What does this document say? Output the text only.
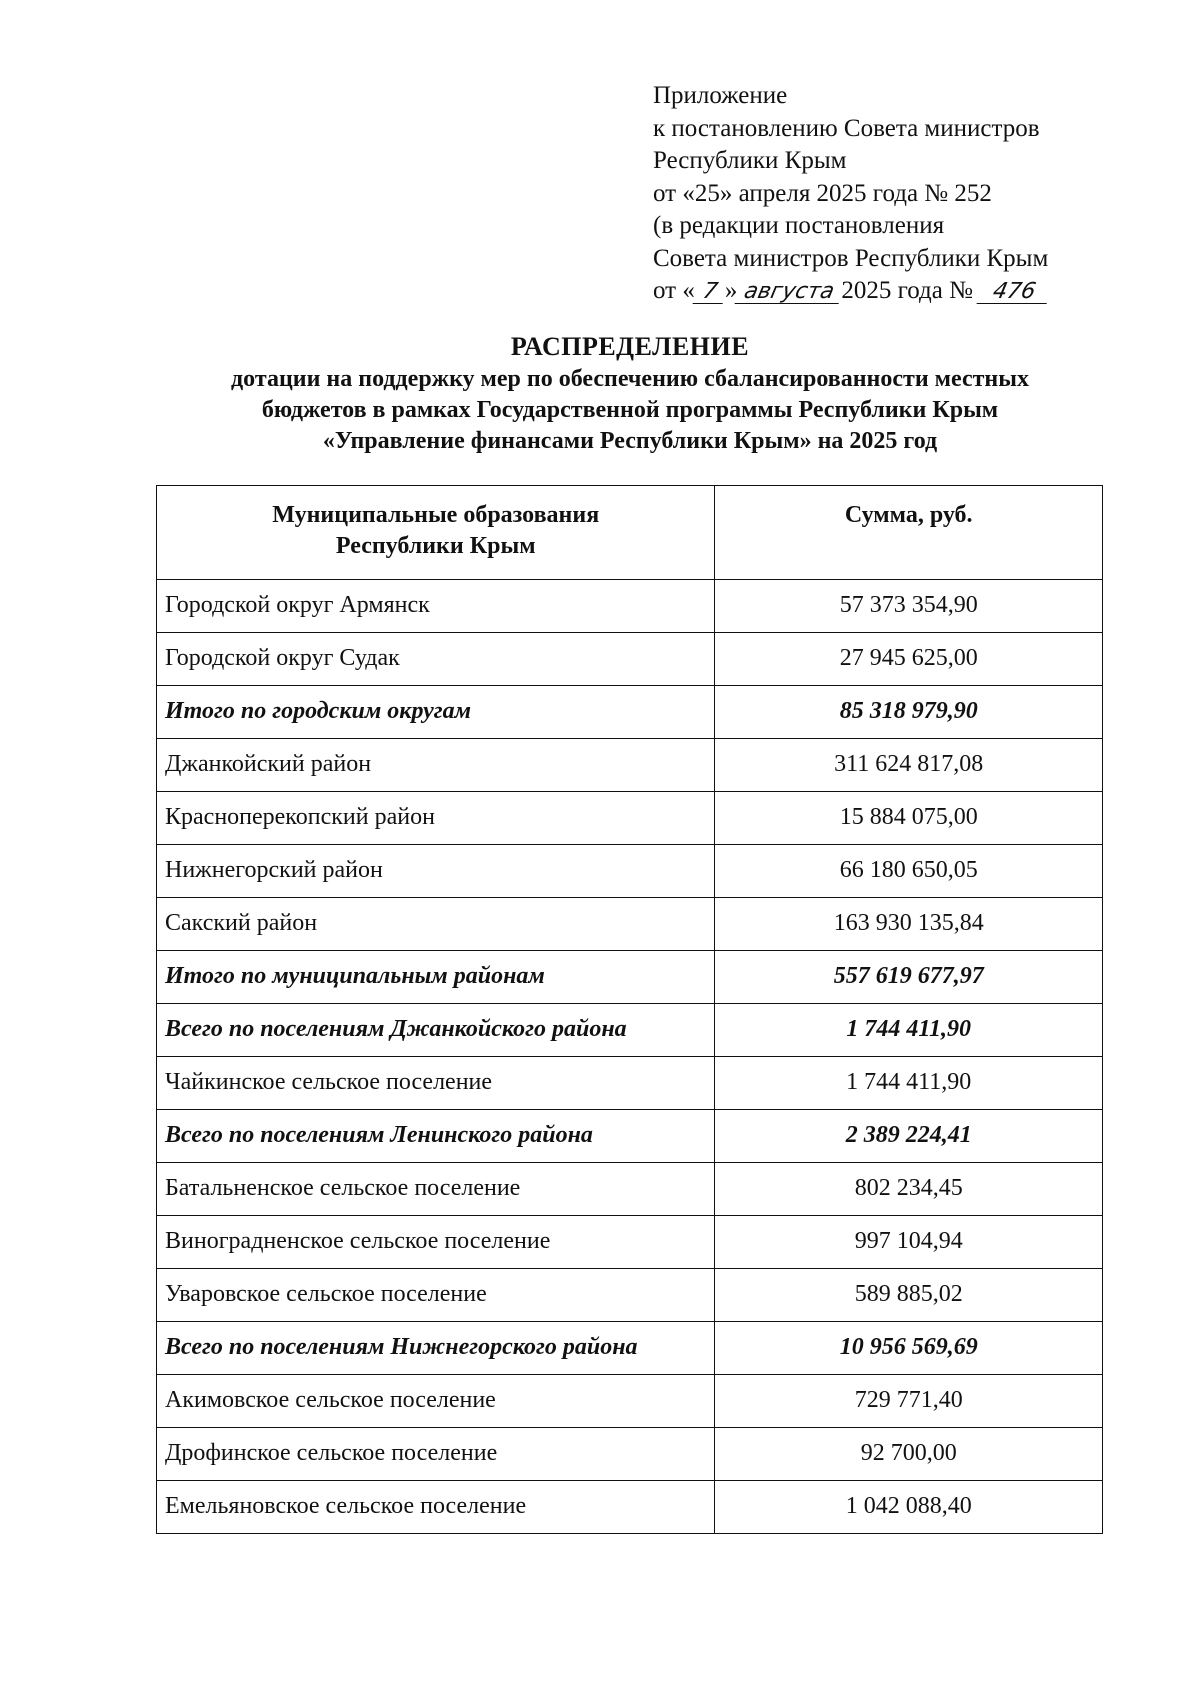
Приложение
к постановлению Совета министров
Республики Крым
от «25» апреля 2025 года № 252
(в редакции постановления
Совета министров Республики Крым
от « 7 » августа 2025 года № 476
РАСПРЕДЕЛЕНИЕ
дотации на поддержку мер по обеспечению сбалансированности местных
бюджетов в рамках Государственной программы Республики Крым
«Управление финансами Республики Крым» на 2025 год
Муниципальные образования
Республики Крым	Сумма, руб.
Городской округ Армянск	57 373 354,90
Городской округ Судак	27 945 625,00
Итого по городским округам	85 318 979,90
Джанкойский район	311 624 817,08
Красноперекопский район	15 884 075,00
Нижнегорский район	66 180 650,05
Сакский район	163 930 135,84
Итого по муниципальным районам	557 619 677,97
Всего по поселениям Джанкойского района	1 744 411,90
Чайкинское сельское поселение	1 744 411,90
Всего по поселениям Ленинского района	2 389 224,41
Батальненское сельское поселение	802 234,45
Виноградненское сельское поселение	997 104,94
Уваровское сельское поселение	589 885,02
Всего по поселениям Нижнегорского района	10 956 569,69
Акимовское сельское поселение	729 771,40
Дрофинское сельское поселение	92 700,00
Емельяновское сельское поселение	1 042 088,40
